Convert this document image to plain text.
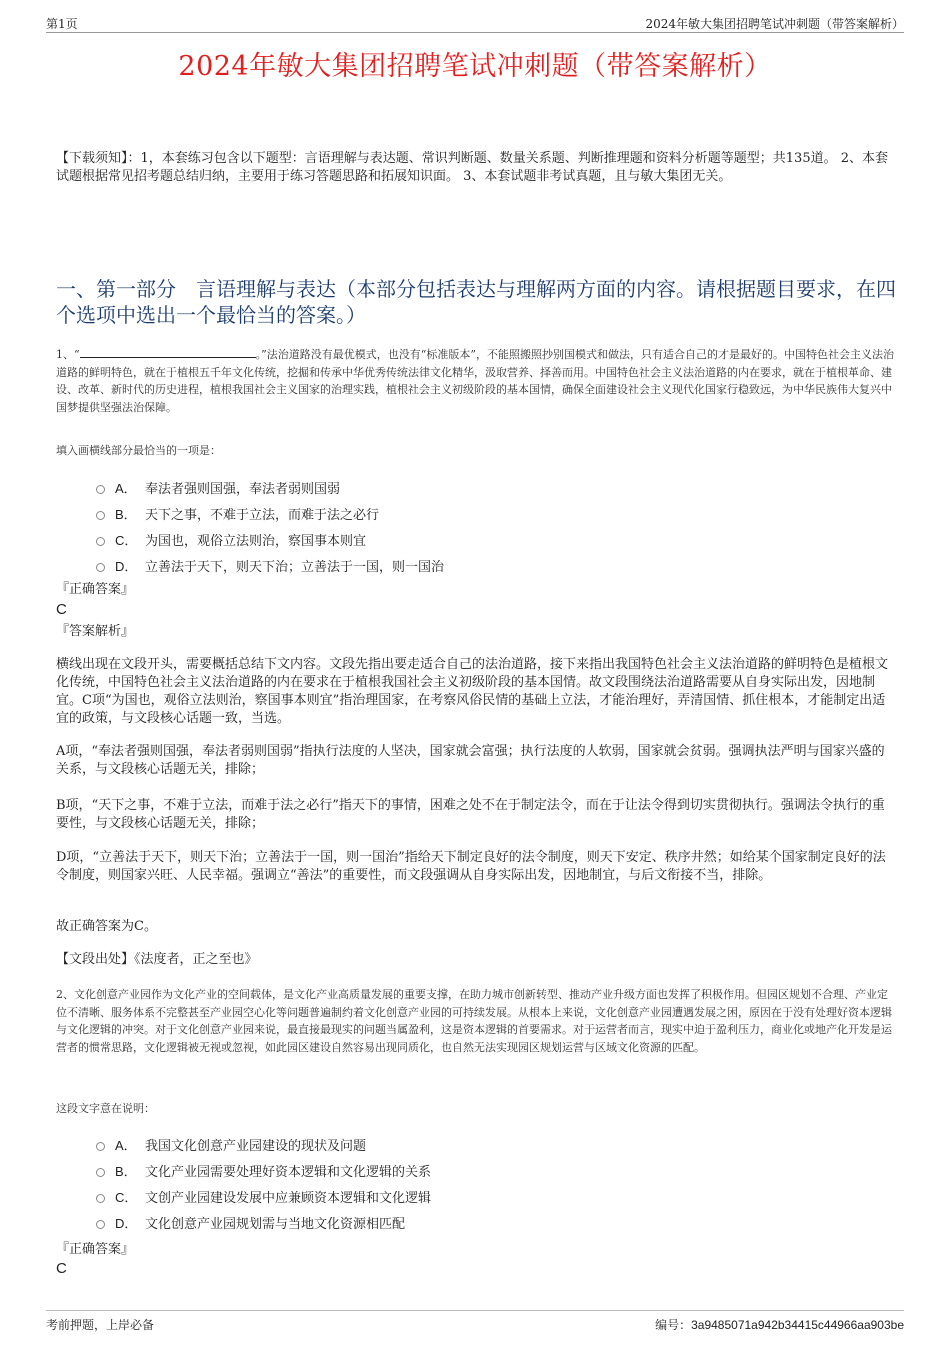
第1页	2024年敏大集团招聘笔试冲刺题（带答案解析）
2024年敏大集团招聘笔试冲刺题（带答案解析）
【下载须知】：1，本套练习包含以下题型：言语理解与表达题、常识判断题、数量关系题、判断推理题和资料分析题等题型；共135道。 2、本套试题根据常见招考题总结归纳，主要用于练习答题思路和拓展知识面。 3、本套试题非考试真题，且与敏大集团无关。
一、第一部分　言语理解与表达（本部分包括表达与理解两方面的内容。请根据题目要求，在四个选项中选出一个最恰当的答案。）
1、“	。”法治道路没有最优模式，也没有“标准版本”，不能照搬照抄别国模式和做法，只有适合自己的才是最好的。中国特色社会主义法治道路的鲜明特色，就在于植根五千年文化传统，挖掘和传承中华优秀传统法律文化精华，汲取营养、择善而用。中国特色社会主义法治道路的内在要求，就在于植根革命、建设、改革、新时代的历史进程，植根我国社会主义国家的治理实践，植根社会主义初级阶段的基本国情，确保全面建设社会主义现代化国家行稳致远，为中华民族伟大复兴中国梦提供坚强法治保障。
填入画横线部分最恰当的一项是：
A． 奉法者强则国强，奉法者弱则国弱
B． 天下之事，不难于立法，而难于法之必行
C． 为国也，观俗立法则治，察国事本则宜
D． 立善法于天下，则天下治；立善法于一国，则一国治
『正确答案』
C
『答案解析』
横线出现在文段开头，需要概括总结下文内容。文段先指出要走适合自己的法治道路，接下来指出我国特色社会主义法治道路的鲜明特色是植根文化传统，中国特色社会主义法治道路的内在要求在于植根我国社会主义初级阶段的基本国情。故文段围绕法治道路需要从自身实际出发，因地制宜。C项“为国也，观俗立法则治，察国事本则宜”指治理国家，在考察风俗民情的基础上立法，才能治理好，弄清国情、抓住根本，才能制定出适宜的政策，与文段核心话题一致，当选。
A项，“奉法者强则国强，奉法者弱则国弱”指执行法度的人坚决，国家就会富强；执行法度的人软弱，国家就会贫弱。强调执法严明与国家兴盛的关系，与文段核心话题无关，排除；
B项，“天下之事，不难于立法，而难于法之必行”指天下的事情，困难之处不在于制定法令，而在于让法令得到切实贯彻执行。强调法令执行的重要性，与文段核心话题无关，排除；
D项，“立善法于天下，则天下治；立善法于一国，则一国治”指给天下制定良好的法令制度，则天下安定、秩序井然；如给某个国家制定良好的法令制度，则国家兴旺、人民幸福。强调立“善法”的重要性，而文段强调从自身实际出发，因地制宜，与后文衔接不当，排除。
故正确答案为C。
【文段出处】《法度者，正之至也》
2、文化创意产业园作为文化产业的空间载体，是文化产业高质量发展的重要支撑，在助力城市创新转型、推动产业升级方面也发挥了积极作用。但园区规划不合理、产业定位不清晰、服务体系不完整甚至产业园空心化等问题普遍制约着文化创意产业园的可持续发展。从根本上来说，文化创意产业园遭遇发展之困，原因在于没有处理好资本逻辑与文化逻辑的冲突。对于文化创意产业园来说，最直接最现实的问题当属盈利，这是资本逻辑的首要需求。对于运营者而言，现实中迫于盈利压力，商业化或地产化开发是运营者的惯常思路，文化逻辑被无视或忽视，如此园区建设自然容易出现同质化，也自然无法实现园区规划运营与区域文化资源的匹配。
这段文字意在说明：
A． 我国文化创意产业园建设的现状及问题
B． 文化产业园需要处理好资本逻辑和文化逻辑的关系
C． 文创产业园建设发展中应兼顾资本逻辑和文化逻辑
D． 文化创意产业园规划需与当地文化资源相匹配
『正确答案』
C
考前押题，上岸必备	编号：3a9485071a942b34415c44966aa903be
